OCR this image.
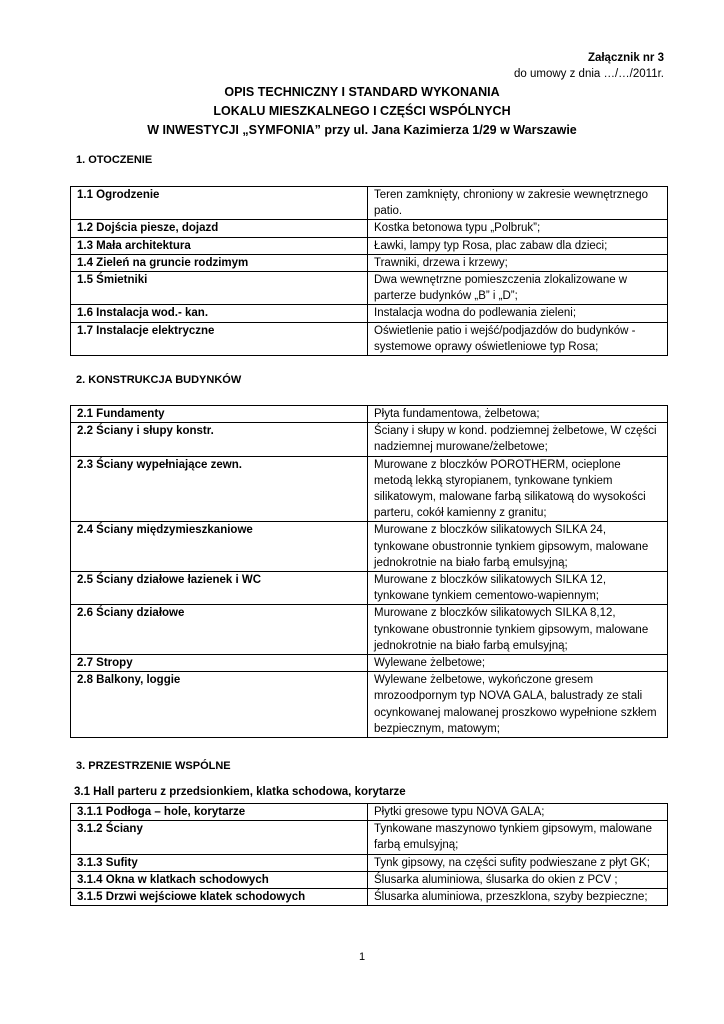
Załącznik nr 3
do umowy z dnia …/…/2011r.
OPIS TECHNICZNY I STANDARD WYKONANIA
LOKALU MIESZKALNEGO I CZĘŚCI WSPÓLNYCH
W INWESTYCJI „SYMFONIA” przy ul. Jana Kazimierza 1/29 w Warszawie
1. OTOCZENIE
1.1 Ogrodzenie	Teren zamknięty, chroniony w zakresie wewnętrznego patio.
1.2 Dojścia piesze, dojazd	Kostka betonowa typu „Polbruk”;
1.3 Mała architektura	Ławki, lampy typ Rosa, plac zabaw dla dzieci;
1.4 Zieleń na gruncie rodzimym	Trawniki, drzewa i krzewy;
1.5 Śmietniki	Dwa wewnętrzne pomieszczenia zlokalizowane w parterze budynków „B” i „D”;
1.6 Instalacja wod.- kan.	Instalacja wodna do podlewania zieleni;
1.7 Instalacje elektryczne	Oświetlenie patio i wejść/podjazdów do budynków - systemowe oprawy oświetleniowe typ Rosa;
2. KONSTRUKCJA BUDYNKÓW
2.1 Fundamenty	Płyta fundamentowa, żelbetowa;
2.2 Ściany i słupy konstr.	Ściany i słupy w kond. podziemnej żelbetowe, W części nadziemnej murowane/żelbetowe;
2.3 Ściany wypełniające zewn.	Murowane z bloczków POROTHERM, ocieplone metodą lekką styropianem, tynkowane tynkiem silikatowym, malowane farbą silikatową do wysokości parteru, cokół kamienny z granitu;
2.4 Ściany międzymieszkaniowe	Murowane z bloczków silikatowych SILKA 24, tynkowane obustronnie tynkiem gipsowym, malowane jednokrotnie na biało farbą emulsyjną;
2.5 Ściany działowe łazienek i WC	Murowane z bloczków silikatowych SILKA 12, tynkowane tynkiem cementowo-wapiennym;
2.6 Ściany działowe	Murowane z bloczków silikatowych SILKA 8,12, tynkowane obustronnie tynkiem gipsowym, malowane jednokrotnie na biało farbą emulsyjną;
2.7 Stropy	Wylewane żelbetowe;
2.8 Balkony, loggie	Wylewane żelbetowe, wykończone gresem mrozoodpornym typ NOVA GALA, balustrady ze stali ocynkowanej malowanej proszkowo wypełnione szkłem bezpiecznym, matowym;
3. PRZESTRZENIE WSPÓLNE
3.1 Hall parteru z przedsionkiem, klatka schodowa, korytarze
3.1.1 Podłoga – hole, korytarze	Płytki gresowe typu NOVA GALA;
3.1.2 Ściany	Tynkowane maszynowo tynkiem gipsowym, malowane farbą emulsyjną;
3.1.3 Sufity	Tynk gipsowy, na części sufity podwieszane z płyt GK;
3.1.4 Okna w klatkach schodowych	Ślusarka aluminiowa, ślusarka do okien z PCV ;
3.1.5 Drzwi wejściowe klatek schodowych	Ślusarka aluminiowa, przeszklona, szyby bezpieczne;
1
